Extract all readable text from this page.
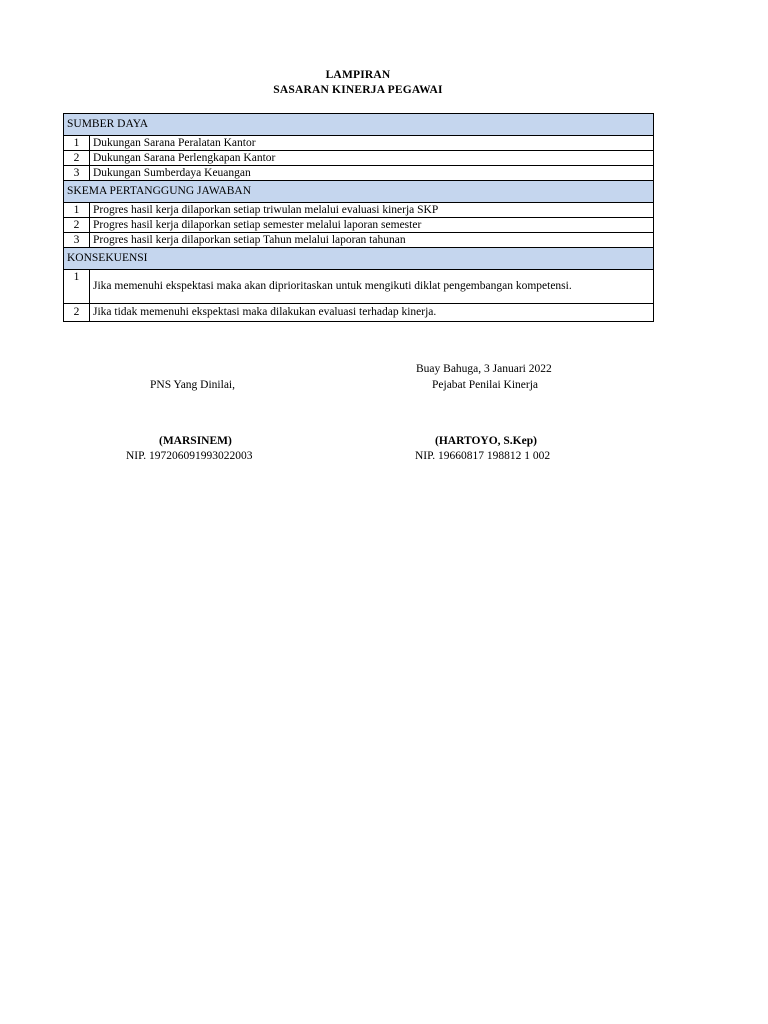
LAMPIRAN
SASARAN KINERJA PEGAWAI
SUMBER DAYA	
1	Dukungan Sarana Peralatan Kantor
2	Dukungan Sarana Perlengkapan Kantor
3	Dukungan Sumberdaya Keuangan
SKEMA PERTANGGUNG JAWABAN	
1	Progres hasil kerja dilaporkan setiap triwulan melalui evaluasi kinerja SKP
2	Progres hasil kerja dilaporkan setiap semester melalui laporan semester
3	Progres hasil kerja dilaporkan setiap Tahun melalui laporan tahunan
KONSEKUENSI	
1	Jika memenuhi ekspektasi maka akan diprioritaskan untuk mengikuti diklat pengembangan kompetensi.
2	Jika tidak memenuhi ekspektasi maka dilakukan evaluasi terhadap kinerja.
Buay Bahuga, 3 Januari 2022
PNS Yang Dinilai,	Pejabat Penilai Kinerja
(MARSINEM)
NIP. 197206091993022003
(HARTOYO, S.Kep)
NIP. 19660817 198812 1 002
